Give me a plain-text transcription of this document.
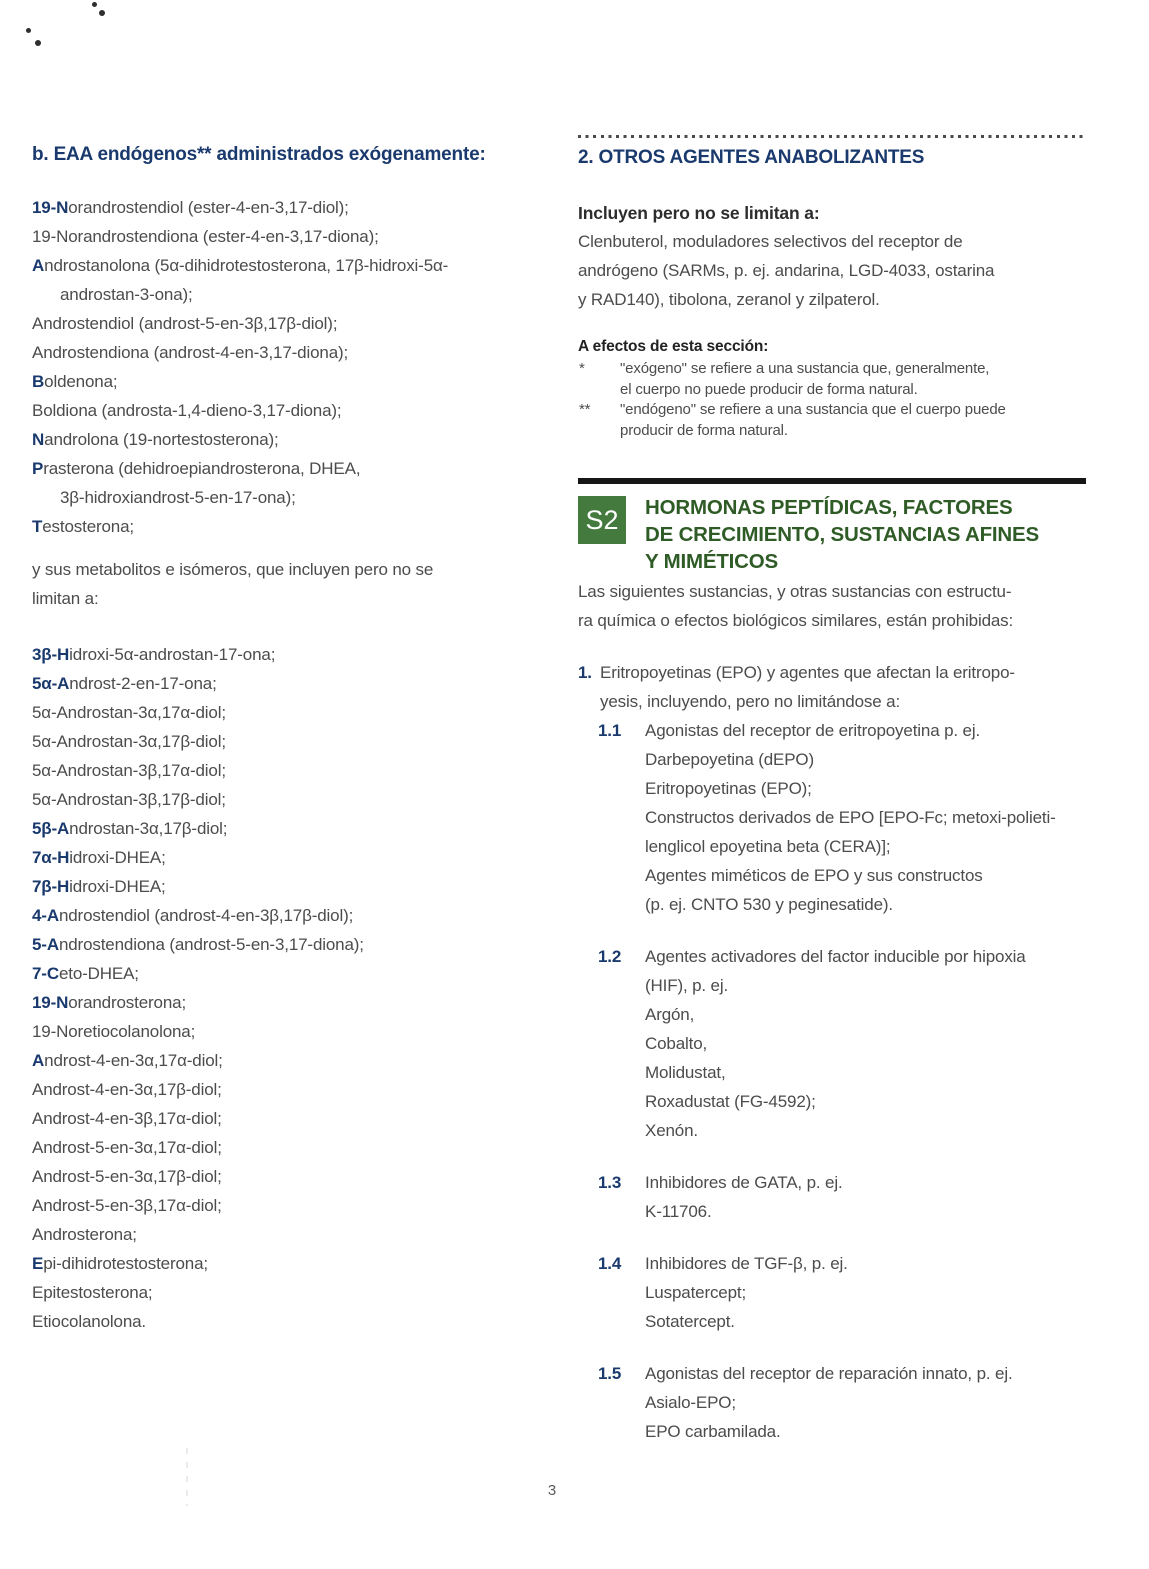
b. EAA endógenos** administrados exógenamente:
19-Norandrostendiol (ester-4-en-3,17-diol);
19-Norandrostendiona (ester-4-en-3,17-diona);
Androstanolona (5α-dihidrotestosterona, 17β-hidroxi-5α-
androstan-3-ona);
Androstendiol (androst-5-en-3β,17β-diol);
Androstendiona (androst-4-en-3,17-diona);
Boldenona;
Boldiona (androsta-1,4-dieno-3,17-diona);
Nandrolona (19-nortestosterona);
Prasterona (dehidroepiandrosterona, DHEA,
3β-hidroxiandrost-5-en-17-ona);
Testosterona;
y sus metabolitos e isómeros, que incluyen pero no se
limitan a:
3β-Hidroxi-5α-androstan-17-ona;
5α-Androst-2-en-17-ona;
5α-Androstan-3α,17α-diol;
5α-Androstan-3α,17β-diol;
5α-Androstan-3β,17α-diol;
5α-Androstan-3β,17β-diol;
5β-Androstan-3α,17β-diol;
7α-Hidroxi-DHEA;
7β-Hidroxi-DHEA;
4-Androstendiol (androst-4-en-3β,17β-diol);
5-Androstendiona (androst-5-en-3,17-diona);
7-Ceto-DHEA;
19-Norandrosterona;
19-Noretiocolanolona;
Androst-4-en-3α,17α-diol;
Androst-4-en-3α,17β-diol;
Androst-4-en-3β,17α-diol;
Androst-5-en-3α,17α-diol;
Androst-5-en-3α,17β-diol;
Androst-5-en-3β,17α-diol;
Androsterona;
Epi-dihidrotestosterona;
Epitestosterona;
Etiocolanolona.
2. OTROS AGENTES ANABOLIZANTES
Incluyen pero no se limitan a:
Clenbuterol, moduladores selectivos del receptor de
andrógeno (SARMs, p. ej. andarina, LGD-4033, ostarina
y RAD140), tibolona, zeranol y zilpaterol.
A efectos de esta sección:
* "exógeno" se refiere a una sustancia que, generalmente,
el cuerpo no puede producir de forma natural.
** "endógeno" se refiere a una sustancia que el cuerpo puede
producir de forma natural.
S2	HORMONAS PEPTÍDICAS, FACTORES
DE CRECIMIENTO, SUSTANCIAS AFINES
Y MIMÉTICOS
Las siguientes sustancias, y otras sustancias con estructu-
ra química o efectos biológicos similares, están prohibidas:
1. Eritropoyetinas (EPO) y agentes que afectan la eritropo-
yesis, incluyendo, pero no limitándose a:
1.1 Agonistas del receptor de eritropoyetina p. ej.
Darbepoyetina (dEPO)
Eritropoyetinas (EPO);
Constructos derivados de EPO [EPO-Fc; metoxi-polieti-
lenglicol epoyetina beta (CERA)];
Agentes miméticos de EPO y sus constructos
(p. ej. CNTO 530 y peginesatide).
1.2 Agentes activadores del factor inducible por hipoxia
(HIF), p. ej.
Argón,
Cobalto,
Molidustat,
Roxadustat (FG-4592);
Xenón.
1.3 Inhibidores de GATA, p. ej.
K-11706.
1.4 Inhibidores de TGF-β, p. ej.
Luspatercept;
Sotatercept.
1.5 Agonistas del receptor de reparación innato, p. ej.
Asialo-EPO;
EPO carbamilada.
3
